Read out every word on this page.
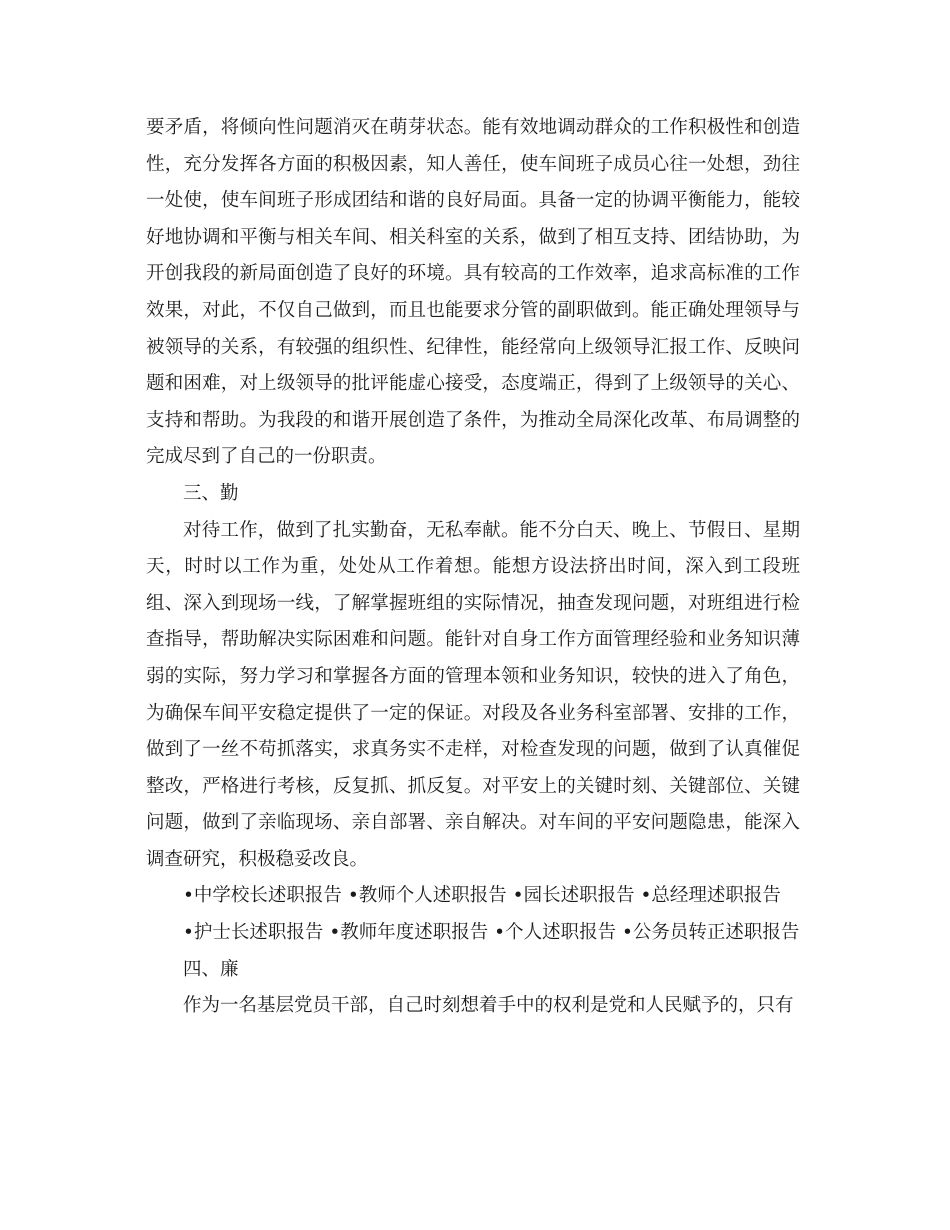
要矛盾，将倾向性问题消灭在萌芽状态。能有效地调动群众的工作积极性和创造性，充分发挥各方面的积极因素，知人善任，使车间班子成员心往一处想，劲往一处使，使车间班子形成团结和谐的良好局面。具备一定的协调平衡能力，能较好地协调和平衡与相关车间、相关科室的关系，做到了相互支持、团结协助，为开创我段的新局面创造了良好的环境。具有较高的工作效率，追求高标准的工作效果，对此，不仅自己做到，而且也能要求分管的副职做到。能正确处理领导与被领导的关系，有较强的组织性、纪律性，能经常向上级领导汇报工作、反映问题和困难，对上级领导的批评能虚心接受，态度端正，得到了上级领导的关心、支持和帮助。为我段的和谐开展创造了条件，为推动全局深化改革、布局调整的完成尽到了自己的一份职责。

三、勤

对待工作，做到了扎实勤奋，无私奉献。能不分白天、晚上、节假日、星期天，时时以工作为重，处处从工作着想。能想方设法挤出时间，深入到工段班组、深入到现场一线，了解掌握班组的实际情况，抽查发现问题，对班组进行检查指导，帮助解决实际困难和问题。能针对自身工作方面管理经验和业务知识薄弱的实际，努力学习和掌握各方面的管理本领和业务知识，较快的进入了角色，为确保车间平安稳定提供了一定的保证。对段及各业务科室部署、安排的工作，做到了一丝不苟抓落实，求真务实不走样，对检查发现的问题，做到了认真催促整改，严格进行考核，反复抓、抓反复。对平安上的关键时刻、关键部位、关键问题，做到了亲临现场、亲自部署、亲自解决。对车间的平安问题隐患，能深入调查研究，积极稳妥改良。

•中学校长述职报告 •教师个人述职报告 •园长述职报告 •总经理述职报告

•护士长述职报告 •教师年度述职报告 •个人述职报告 •公务员转正述职报告

四、廉

作为一名基层党员干部，自己时刻想着手中的权利是党和人民赋予的，只有
